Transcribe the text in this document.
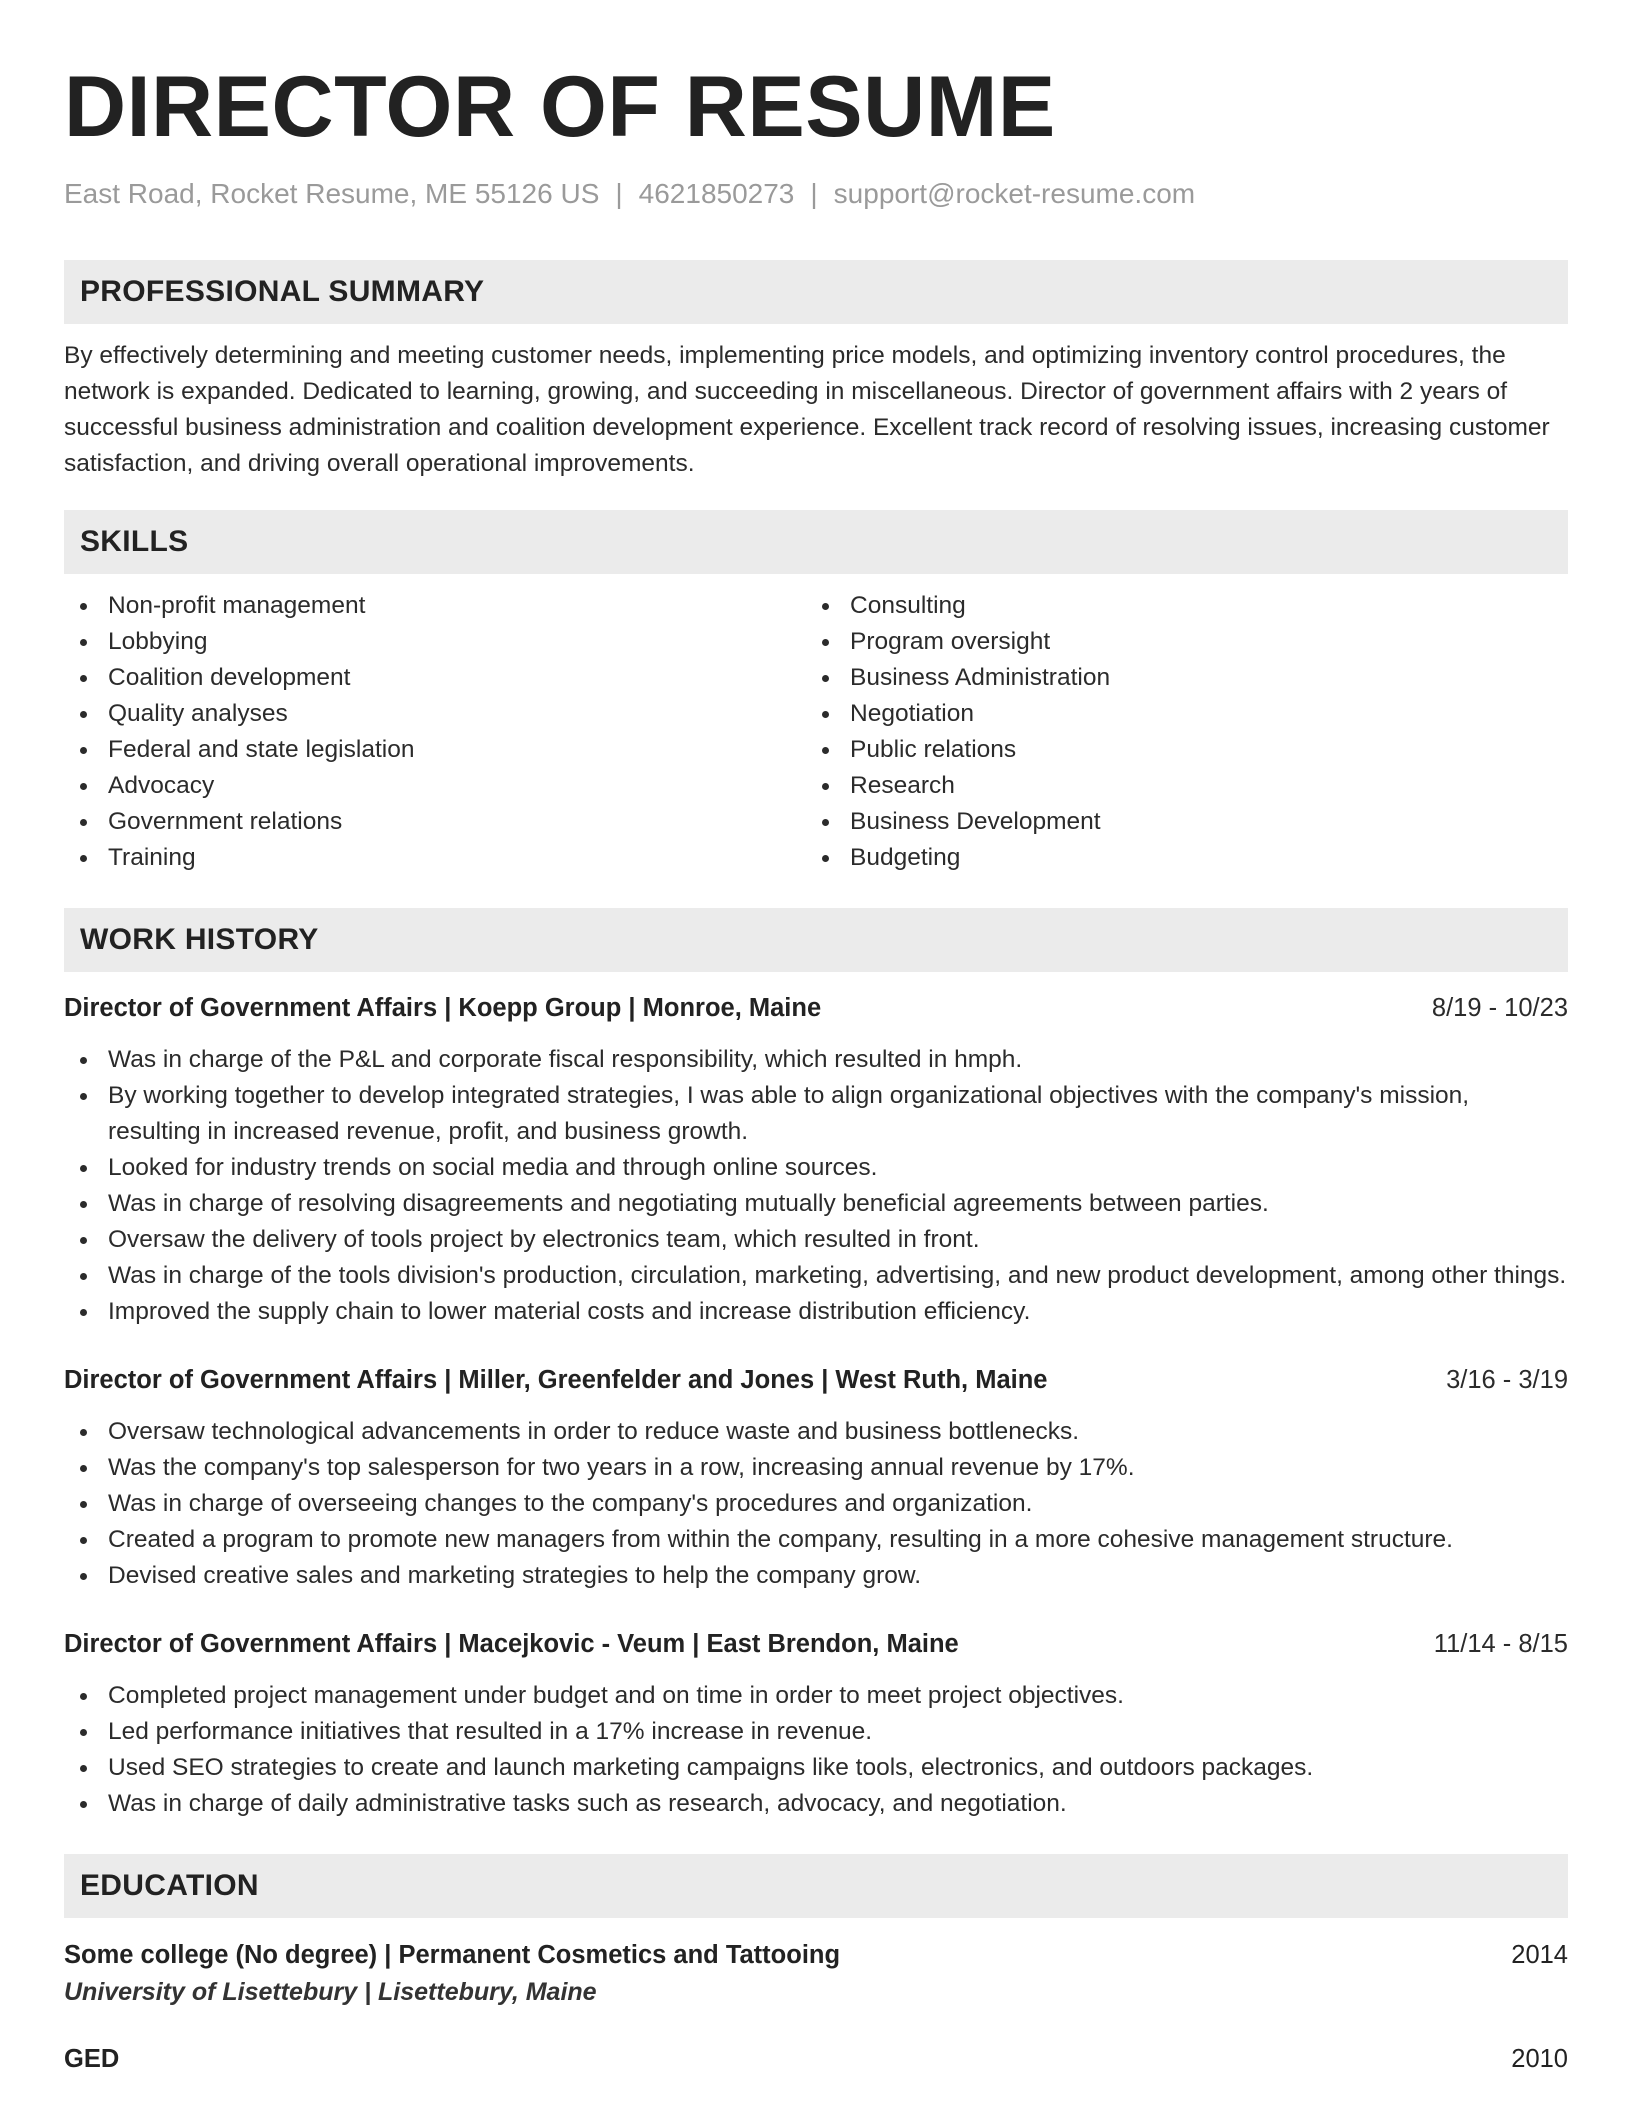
DIRECTOR OF RESUME
East Road, Rocket Resume, ME 55126 US | 4621850273 | support@rocket-resume.com
PROFESSIONAL SUMMARY

By effectively determining and meeting customer needs, implementing price models, and optimizing inventory control procedures, the network is expanded. Dedicated to learning, growing, and succeeding in miscellaneous. Director of government affairs with 2 years of successful business administration and coalition development experience. Excellent track record of resolving issues, increasing customer satisfaction, and driving overall operational improvements.

SKILLS
Non-profit management
Lobbying
Coalition development
Quality analyses
Federal and state legislation
Advocacy
Government relations
Training
Consulting
Program oversight
Business Administration
Negotiation
Public relations
Research
Business Development
Budgeting
WORK HISTORY
Director of Government Affairs | Koepp Group | Monroe, Maine	8/19 - 10/23
Was in charge of the P&L and corporate fiscal responsibility, which resulted in hmph.
By working together to develop integrated strategies, I was able to align organizational objectives with the company's mission, resulting in increased revenue, profit, and business growth.
Looked for industry trends on social media and through online sources.
Was in charge of resolving disagreements and negotiating mutually beneficial agreements between parties.
Oversaw the delivery of tools project by electronics team, which resulted in front.
Was in charge of the tools division's production, circulation, marketing, advertising, and new product development, among other things.
Improved the supply chain to lower material costs and increase distribution efficiency.
Director of Government Affairs | Miller, Greenfelder and Jones | West Ruth, Maine	3/16 - 3/19
Oversaw technological advancements in order to reduce waste and business bottlenecks.
Was the company's top salesperson for two years in a row, increasing annual revenue by 17%.
Was in charge of overseeing changes to the company's procedures and organization.
Created a program to promote new managers from within the company, resulting in a more cohesive management structure.
Devised creative sales and marketing strategies to help the company grow.
Director of Government Affairs | Macejkovic - Veum | East Brendon, Maine	11/14 - 8/15
Completed project management under budget and on time in order to meet project objectives.
Led performance initiatives that resulted in a 17% increase in revenue.
Used SEO strategies to create and launch marketing campaigns like tools, electronics, and outdoors packages.
Was in charge of daily administrative tasks such as research, advocacy, and negotiation.
EDUCATION
Some college (No degree) | Permanent Cosmetics and Tattooing	2014
University of Lisettebury | Lisettebury, Maine
GED	2010
